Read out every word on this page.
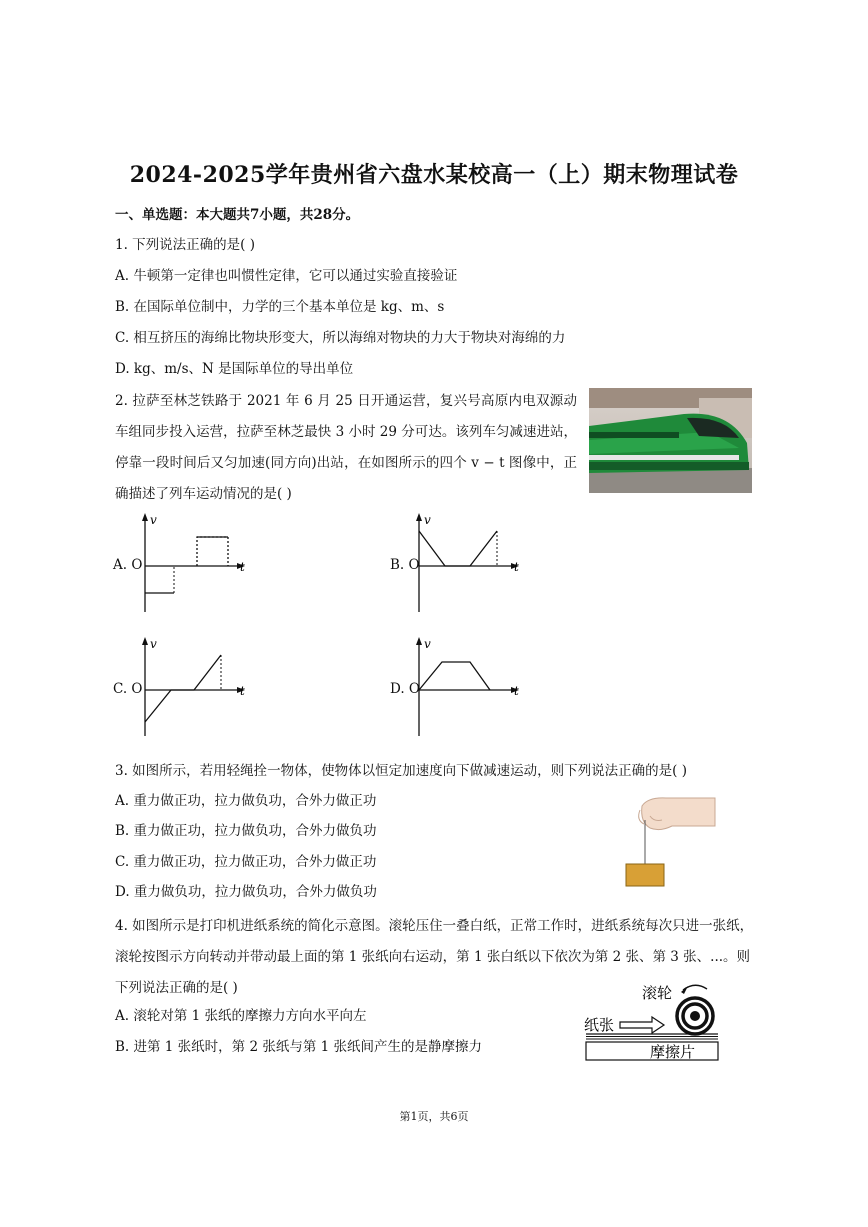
2024-2025学年贵州省六盘水某校高一（上）期末物理试卷
一、单选题：本大题共7小题，共28分。
1. 下列说法正确的是( )
A. 牛顿第一定律也叫惯性定律，它可以通过实验直接验证
B. 在国际单位制中，力学的三个基本单位是 kg、m、s
C. 相互挤压的海绵比物块形变大，所以海绵对物块的力大于物块对海绵的力
D. kg、m/s、N 是国际单位的导出单位
2. 拉萨至林芝铁路于 2021 年 6 月 25 日开通运营，复兴号高原内电双源动车组同步投入运营，拉萨至林芝最快 3 小时 29 分可达。该列车匀减速进站，停靠一段时间后又匀加速(同方向)出站，在如图所示的四个 v − t 图像中，正确描述了列车运动情况的是( )
A. O
v
t	B. O
v
t
C. O
v
t	D. O
v
t
3. 如图所示，若用轻绳拴一物体，使物体以恒定加速度向下做减速运动，则下列说法正确的是( )
A. 重力做正功，拉力做负功，合外力做正功
B. 重力做正功，拉力做负功，合外力做负功
C. 重力做正功，拉力做正功，合外力做正功
D. 重力做负功，拉力做负功，合外力做负功
4. 如图所示是打印机进纸系统的简化示意图。滚轮压住一叠白纸，正常工作时，进纸系统每次只进一张纸，滚轮按图示方向转动并带动最上面的第 1 张纸向右运动，第 1 张白纸以下依次为第 2 张、第 3 张、...。则下列说法正确的是( )
A. 滚轮对第 1 张纸的摩擦力方向水平向左
B. 进第 1 张纸时，第 2 张纸与第 1 张纸间产生的是静摩擦力
滚轮
纸张
摩擦片
第1页，共6页
